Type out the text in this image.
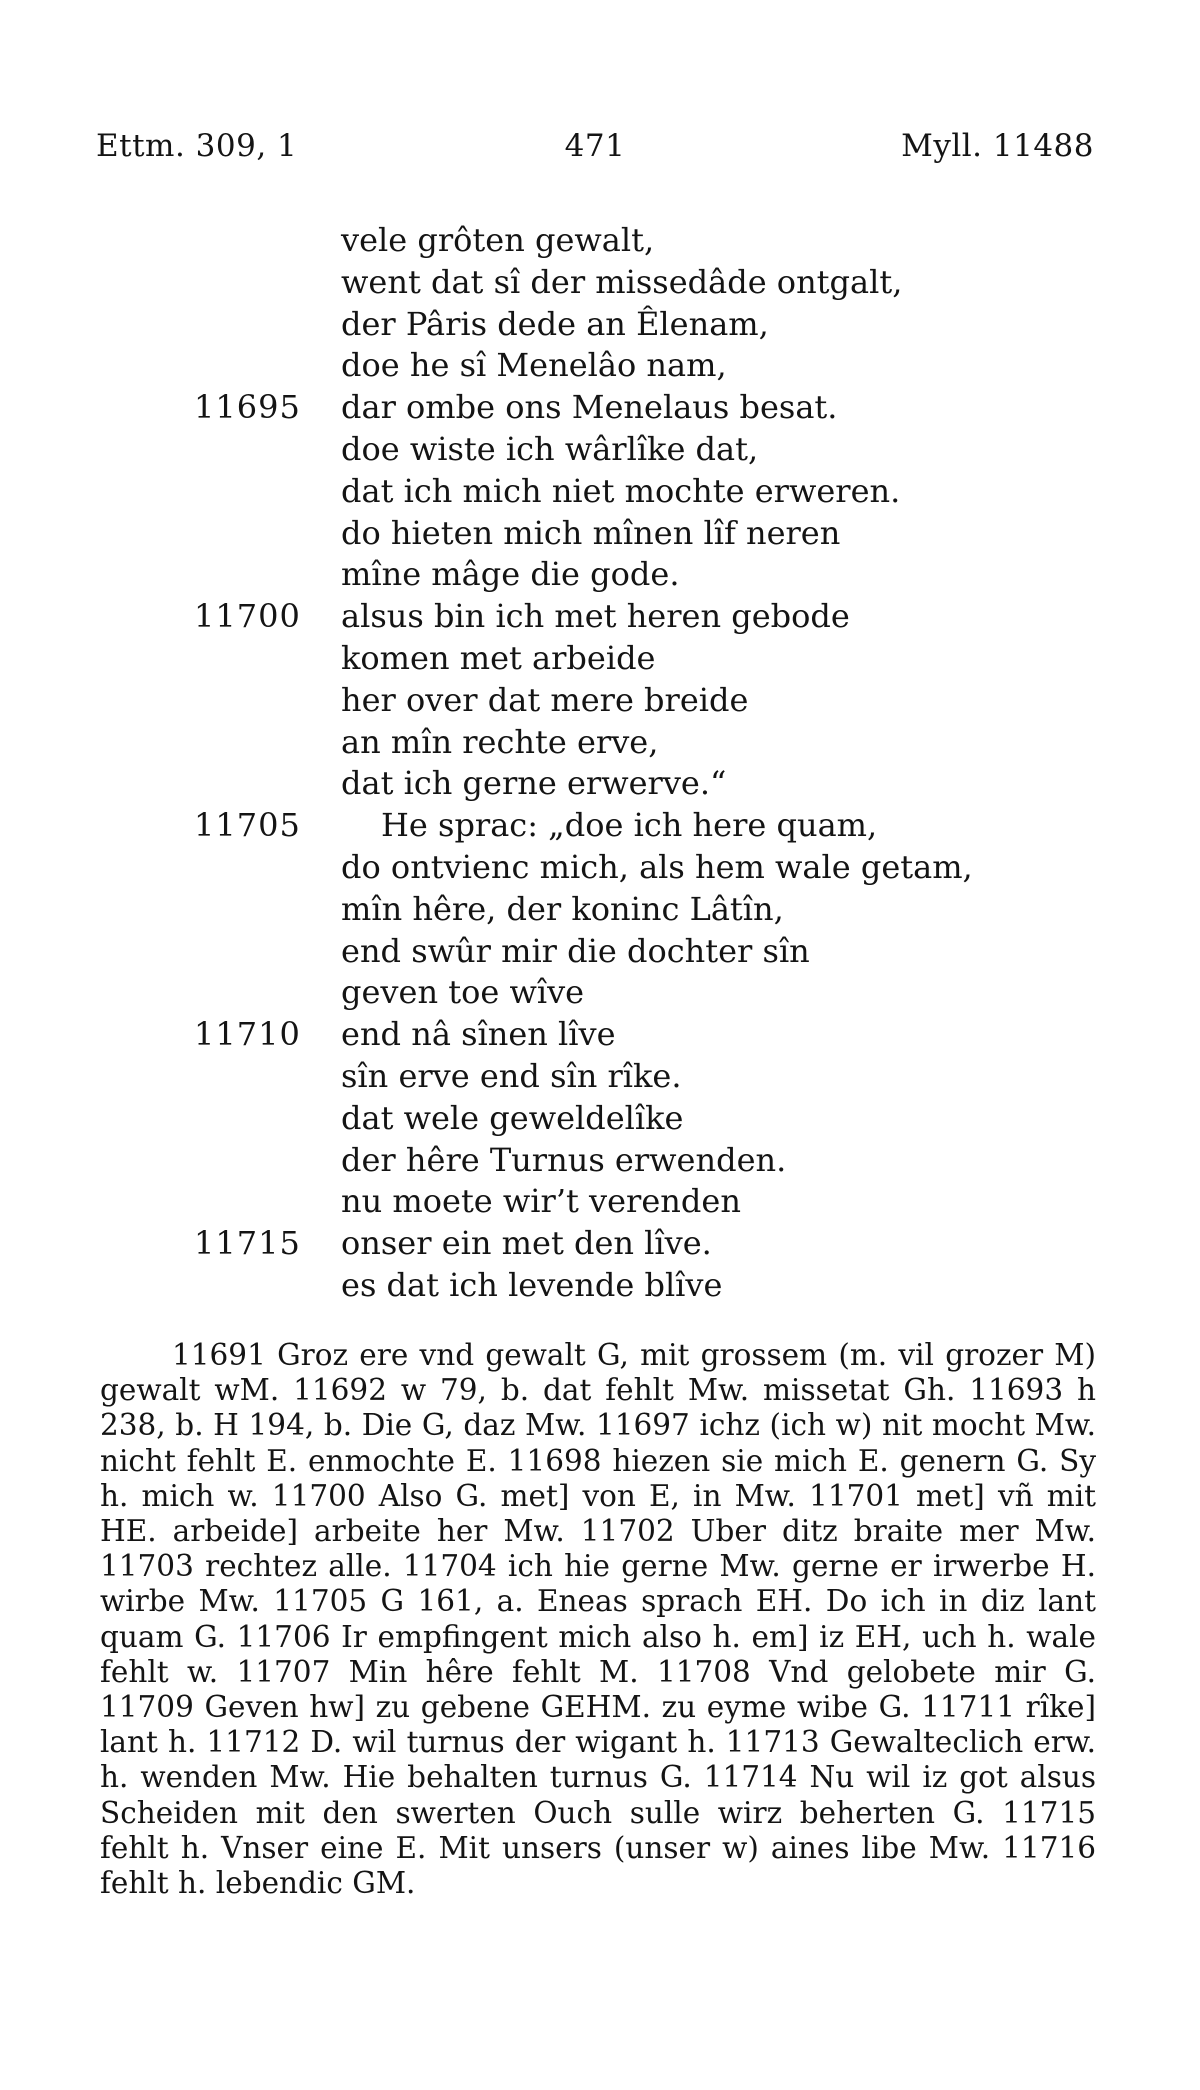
Ettm. 309, 1	471	Myll. 11488
vele grôten gewalt,
went dat sî der missedâde ontgalt,
der Pâris dede an Êlenam,
doe he sî Menelâo nam,
11695 dar ombe ons Menelaus besat.
doe wiste ich wârlîke dat,
dat ich mich niet mochte erweren.
do hieten mich mînen lîf neren
mîne mâge die gode.
11700 alsus bin ich met heren gebode
komen met arbeide
her over dat mere breide
an mîn rechte erve,
dat ich gerne erwerve.“
11705	He sprac: „doe ich here quam,
do ontvienc mich, als hem wale getam,
mîn hêre, der koninc Lâtîn,
end swûr mir die dochter sîn
geven toe wîve
11710 end nâ sînen lîve
sîn erve end sîn rîke.
dat wele geweldelîke
der hêre Turnus erwenden.
nu moete wir’t verenden
11715 onser ein met den lîve.
es dat ich levende blîve

11691 Groz ere vnd gewalt G, mit grossem (m. vil grozer M) gewalt wM. 11692 w 79, b. dat fehlt Mw. missetat Gh. 11693 h 238, b. H 194, b. Die G, daz Mw. 11697 ichz (ich w) nit mocht Mw. nicht fehlt E. enmochte E. 11698 hiezen sie mich E. genern G. Sy h. mich w. 11700 Also G. met] von E, in Mw. 11701 met] vñ mit HE. arbeide] arbeite her Mw. 11702 Uber ditz braite mer Mw. 11703 rechtez alle. 11704 ich hie gerne Mw. gerne er irwerbe H. wirbe Mw. 11705 G 161, a. Eneas sprach EH. Do ich in diz lant quam G. 11706 Ir empfingent mich also h. em] iz EH, uch h. wale fehlt w. 11707 Min hêre fehlt M. 11708 Vnd gelobete mir G. 11709 Geven hw] zu gebene GEHM. zu eyme wibe G. 11711 rîke] lant h. 11712 D. wil turnus der wigant h. 11713 Gewalteclich erw. h. wenden Mw. Hie behalten turnus G. 11714 Nu wil iz got alsus Scheiden mit den swerten Ouch sulle wirz beherten G. 11715 fehlt h. Vnser eine E. Mit unsers (unser w) aines libe Mw. 11716 fehlt h. lebendic GM.
